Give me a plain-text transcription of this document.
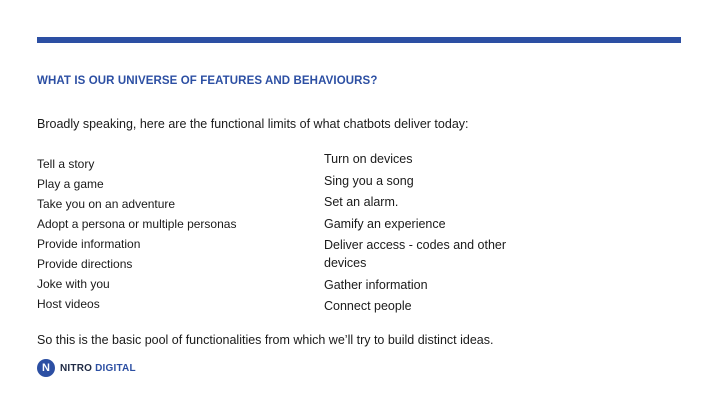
WHAT IS OUR UNIVERSE OF FEATURES AND BEHAVIOURS?
Broadly speaking, here are the functional limits of what chatbots deliver today:
Tell a story
Play a game
Take you on an adventure
Adopt a persona or multiple personas
Provide information
Provide directions
Joke with you
Host videos
Turn on devices
Sing you a song
Set an alarm.
Gamify an experience
Deliver access - codes and other devices
Gather information
Connect people
So this is the basic pool of functionalities from which we’ll try to build distinct ideas.
N	NITRO DIGITAL
